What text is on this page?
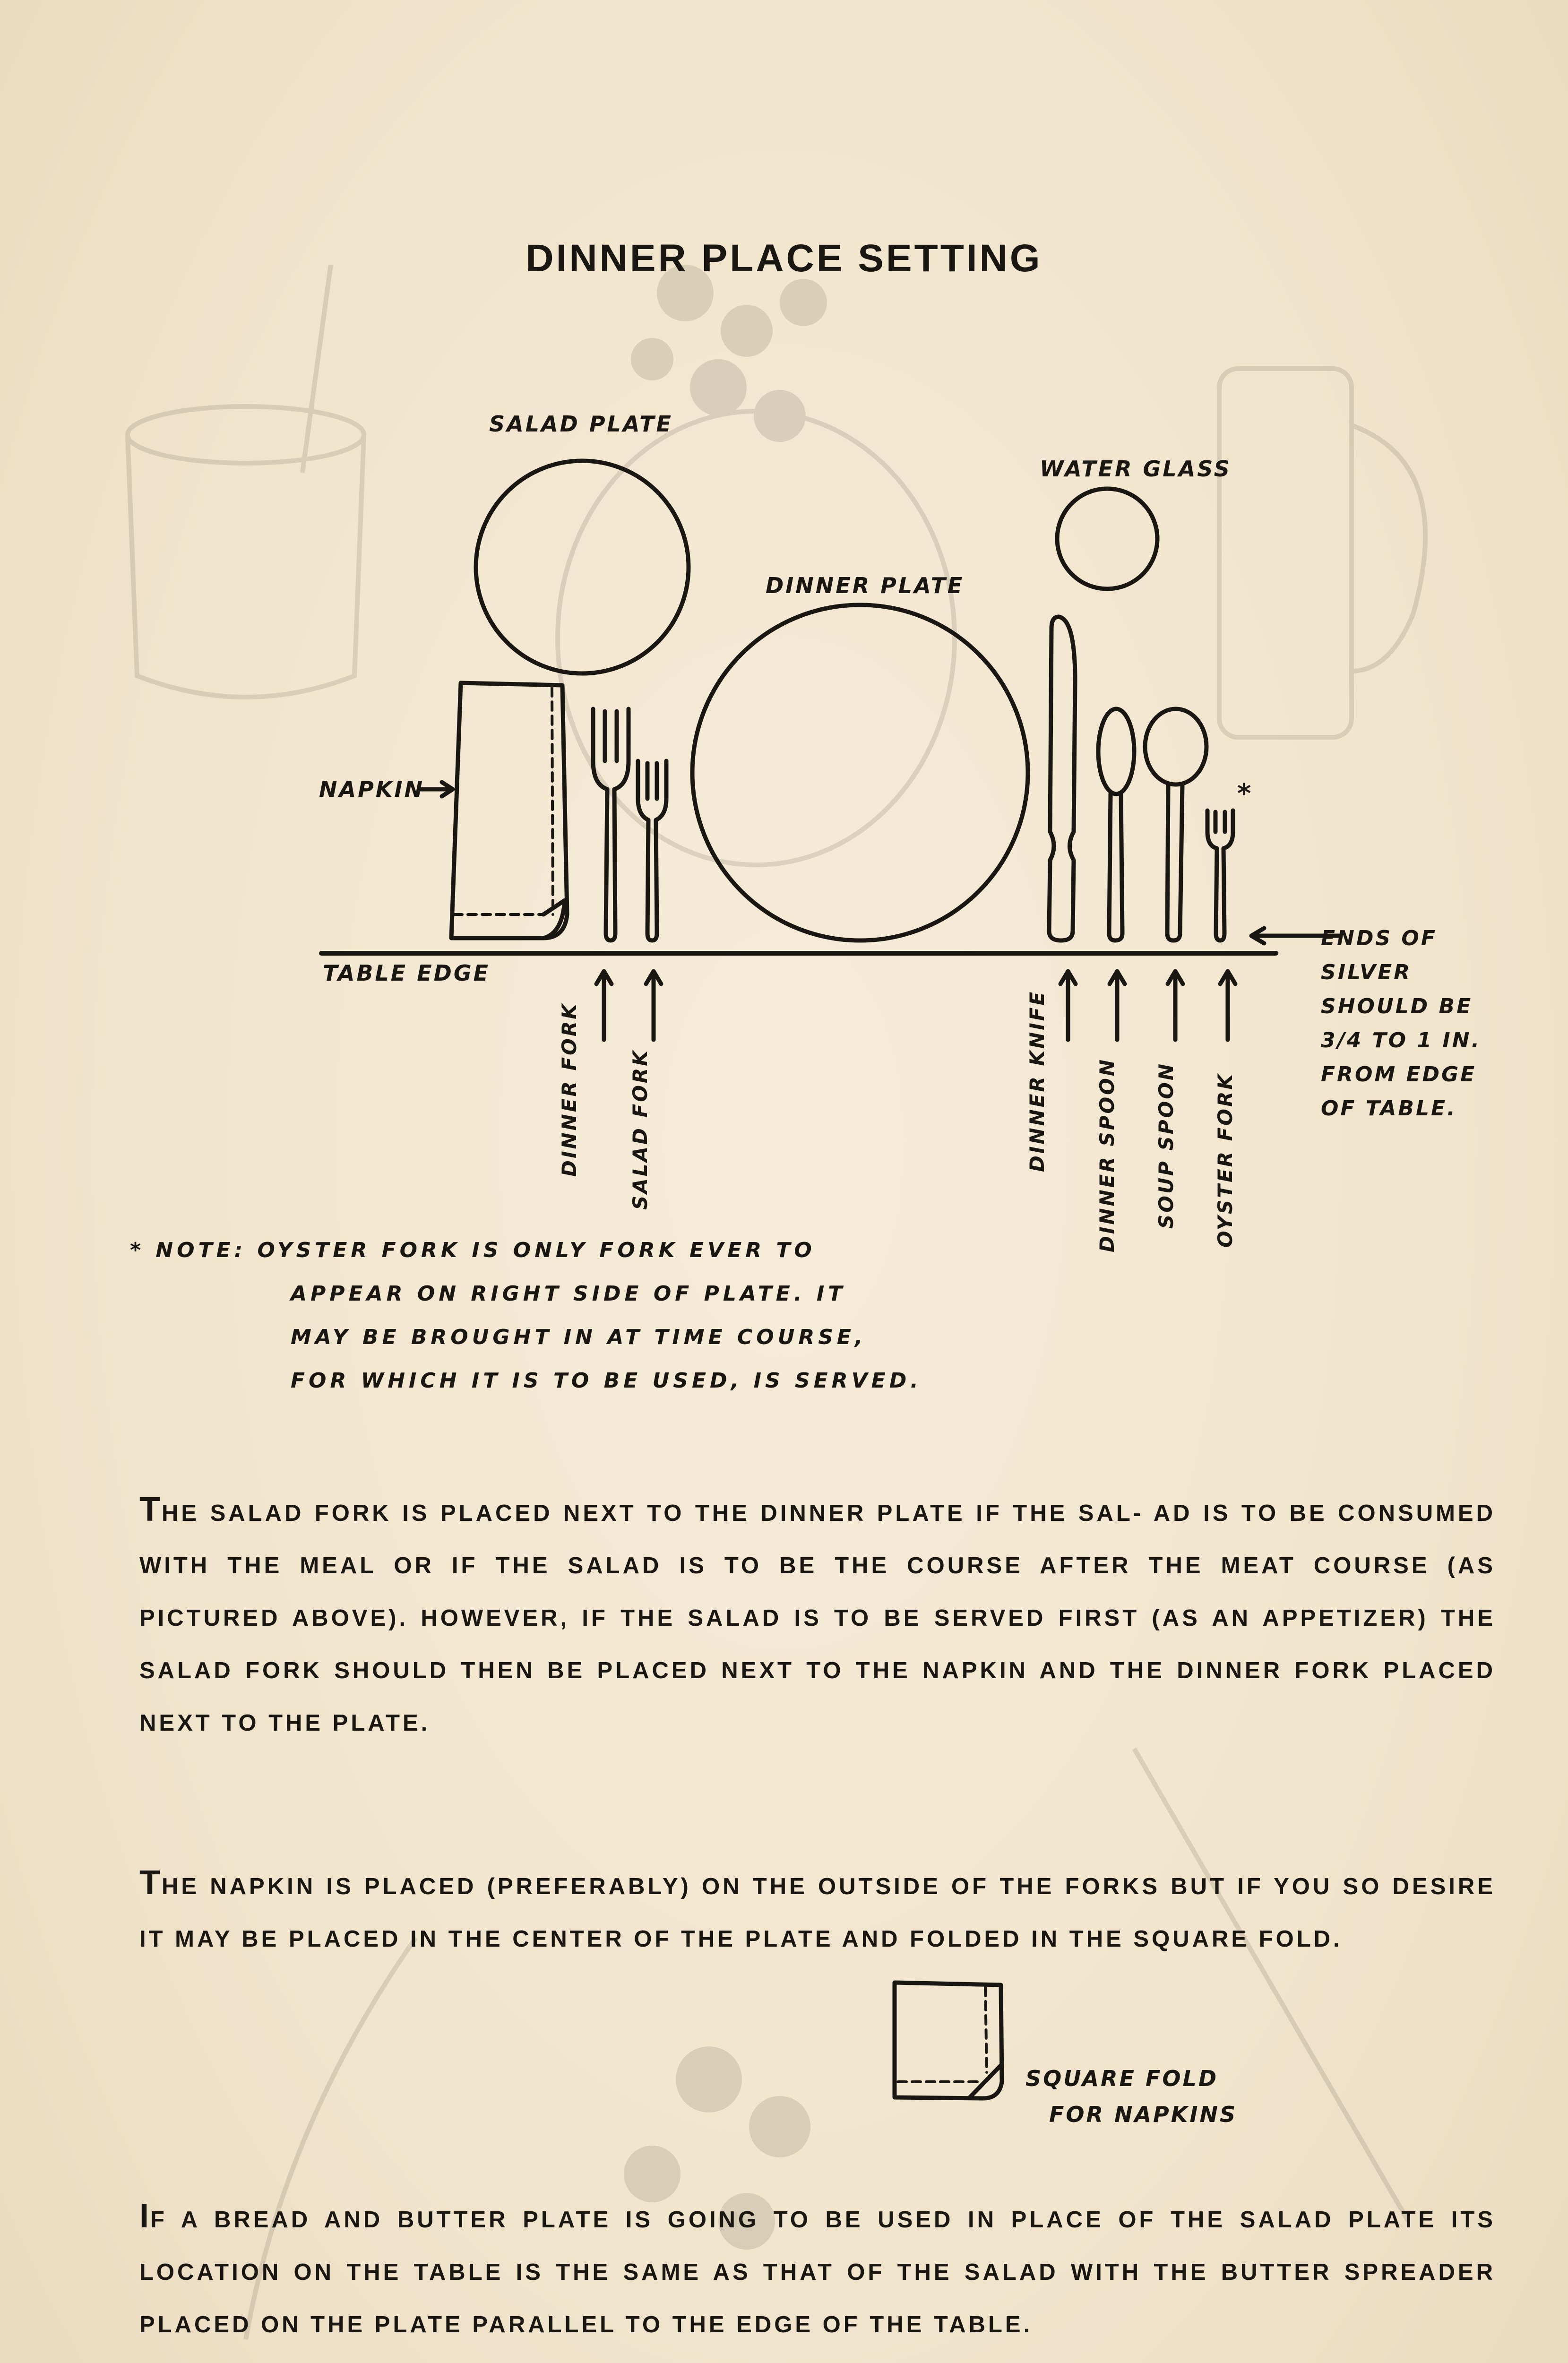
DINNER PLACE SETTING
SALAD PLATE
WATER GLASS
DINNER PLATE
NAPKIN
TABLE EDGE
*
DINNER FORK SALAD FORK	DINNER KNIFE DINNER SPOON SOUP SPOON OYSTER FORK
ENDS OF
SILVER
SHOULD BE
3/4 TO 1 IN.
FROM EDGE
OF TABLE.
* NOTE: OYSTER FORK IS ONLY FORK EVER TO
APPEAR ON RIGHT SIDE OF PLATE. IT
MAY BE BROUGHT IN AT TIME COURSE,
FOR WHICH IT IS TO BE USED, IS SERVED.

THE SALAD FORK IS PLACED NEXT TO THE DINNER PLATE IF THE SAL- AD IS TO BE CONSUMED WITH THE MEAL OR IF THE SALAD IS TO BE THE COURSE AFTER THE MEAT COURSE (AS PICTURED ABOVE). HOWEVER, IF THE SALAD IS TO BE SERVED FIRST (AS AN APPETIZER) THE SALAD FORK SHOULD THEN BE PLACED NEXT TO THE NAPKIN AND THE DINNER FORK PLACED NEXT TO THE PLATE.

THE NAPKIN IS PLACED (PREFERABLY) ON THE OUTSIDE OF THE FORKS BUT IF YOU SO DESIRE IT MAY BE PLACED IN THE CENTER OF THE PLATE AND FOLDED IN THE SQUARE FOLD.

SQUARE FOLD
FOR NAPKINS

IF A BREAD AND BUTTER PLATE IS GOING TO BE USED IN PLACE OF THE SALAD PLATE ITS LOCATION ON THE TABLE IS THE SAME AS THAT OF THE SALAD WITH THE BUTTER SPREADER PLACED ON THE PLATE PARALLEL TO THE EDGE OF THE TABLE.
